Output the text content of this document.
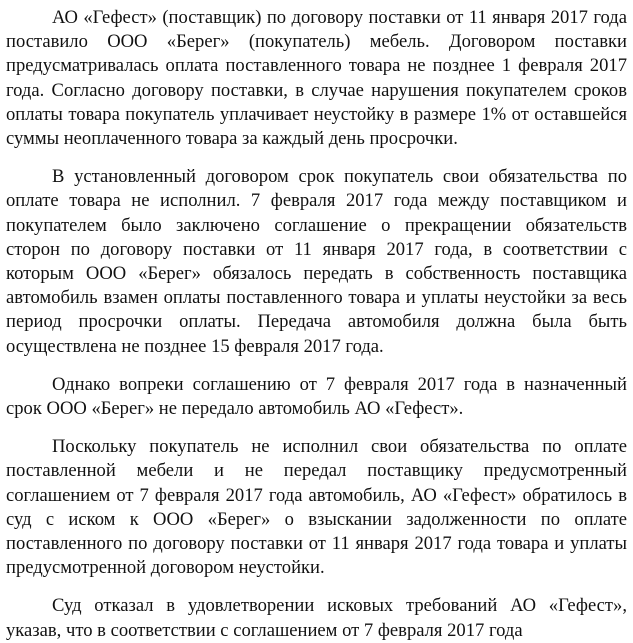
АО «Гефест» (поставщик) по договору поставки от 11 января 2017 года поставило ООО «Берег» (покупатель) мебель. Договором поставки предусматривалась оплата поставленного товара не позднее 1 февраля 2017 года. Согласно договору поставки, в случае нарушения покупателем сроков оплаты товара покупатель уплачивает неустойку в размере 1% от оставшейся суммы неоплаченного товара за каждый день просрочки.

В установленный договором срок покупатель свои обязательства по оплате товара не исполнил. 7 февраля 2017 года между поставщиком и покупателем было заключено соглашение о прекращении обязательств сторон по договору поставки от 11 января 2017 года, в соответствии с которым ООО «Берег» обязалось передать в собственность поставщика автомобиль взамен оплаты поставленного товара и уплаты неустойки за весь период просрочки оплаты. Передача автомобиля должна была быть осуществлена не позднее 15 февраля 2017 года.

Однако вопреки соглашению от 7 февраля 2017 года в назначенный срок ООО «Берег» не передало автомобиль АО «Гефест».

Поскольку покупатель не исполнил свои обязательства по оплате поставленной мебели и не передал поставщику предусмотренный соглашением от 7 февраля 2017 года автомобиль, АО «Гефест» обратилось в суд с иском к ООО «Берег» о взыскании задолженности по оплате поставленного по договору поставки от 11 января 2017 года товара и уплаты предусмотренной договором неустойки.

Суд отказал в удовлетворении исковых требований АО «Гефест», указав, что в соответствии с соглашением от 7 февраля 2017 года
